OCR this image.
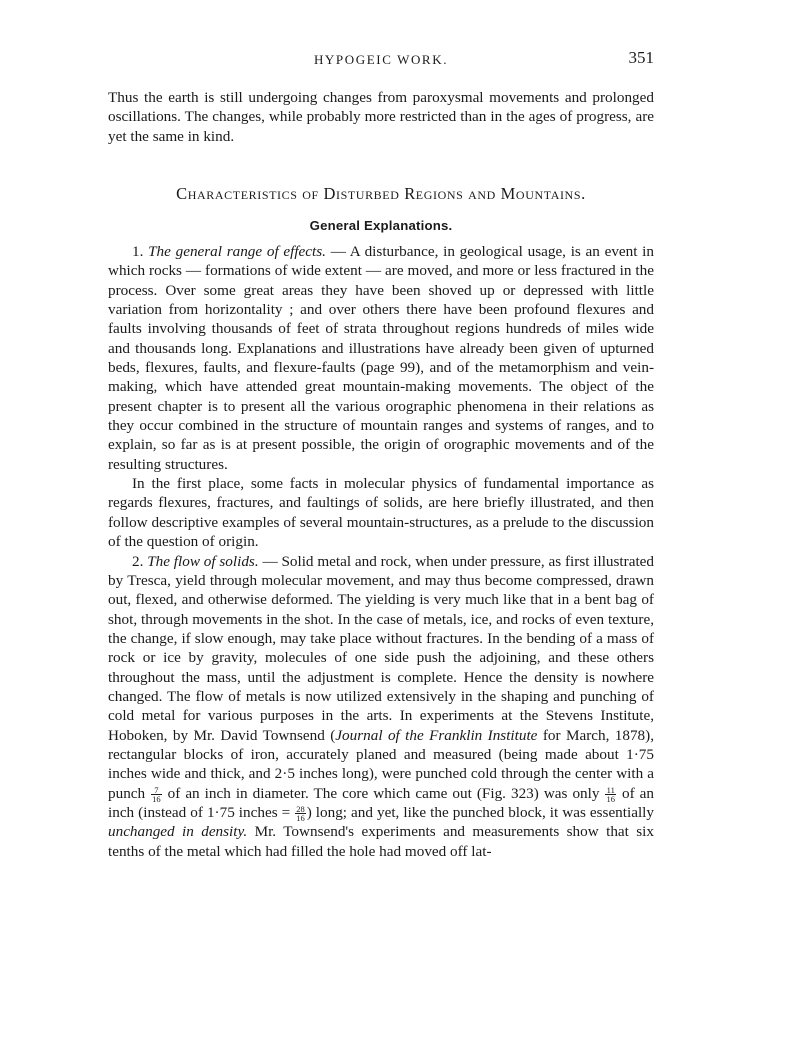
HYPOGEIC WORK.	351

Thus the earth is still undergoing changes from paroxysmal movements and prolonged oscillations. The changes, while probably more restricted than in the ages of progress, are yet the same in kind.

Characteristics of Disturbed Regions and Mountains.
General Explanations.

1. The general range of effects. — A disturbance, in geological usage, is an event in which rocks — formations of wide extent — are moved, and more or less fractured in the process. Over some great areas they have been shoved up or depressed with little variation from horizontality ; and over others there have been profound flexures and faults involving thousands of feet of strata throughout regions hundreds of miles wide and thousands long. Explanations and illustrations have already been given of upturned beds, flexures, faults, and flexure-faults (page 99), and of the metamorphism and vein-making, which have attended great mountain-making movements. The object of the present chapter is to present all the various orographic phenomena in their relations as they occur combined in the structure of mountain ranges and systems of ranges, and to explain, so far as is at present possible, the origin of orographic movements and of the resulting structures.

In the first place, some facts in molecular physics of fundamental importance as regards flexures, fractures, and faultings of solids, are here briefly illustrated, and then follow descriptive examples of several mountain-structures, as a prelude to the discussion of the question of origin.

2. The flow of solids. — Solid metal and rock, when under pressure, as first illustrated by Tresca, yield through molecular movement, and may thus become compressed, drawn out, flexed, and otherwise deformed. The yielding is very much like that in a bent bag of shot, through movements in the shot. In the case of metals, ice, and rocks of even texture, the change, if slow enough, may take place without fractures. In the bending of a mass of rock or ice by gravity, molecules of one side push the adjoining, and these others throughout the mass, until the adjustment is complete. Hence the density is nowhere changed. The flow of metals is now utilized extensively in the shaping and punching of cold metal for various purposes in the arts. In experiments at the Stevens Institute, Hoboken, by Mr. David Townsend (Journal of the Franklin Institute for March, 1878), rectangular blocks of iron, accurately planed and measured (being made about 1·75 inches wide and thick, and 2·5 inches long), were punched cold through the center with a punch $\frac{7}{16}$ of an inch in diameter. The core which came out (Fig. 323) was only $\frac{11}{16}$ of an inch (instead of 1·75 inches = $\frac{28}{16}$ ) long; and yet, like the punched block, it was essentially unchanged in density. Mr. Townsend's experiments and measurements show that six tenths of the metal which had filled the hole had moved off lat-
